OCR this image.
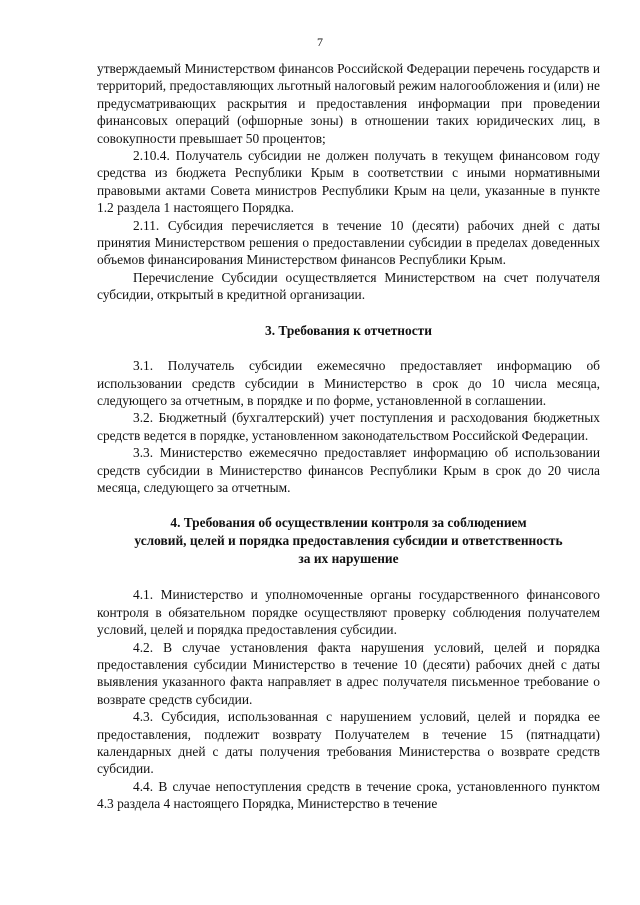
7

утверждаемый Министерством финансов Российской Федерации перечень государств и территорий, предоставляющих льготный налоговый режим налогообложения и (или) не предусматривающих раскрытия и предоставления информации при проведении финансовых операций (офшорные зоны) в отношении таких юридических лиц, в совокупности превышает 50 процентов;

2.10.4. Получатель субсидии не должен получать в текущем финансовом году средства из бюджета Республики Крым в соответствии с иными нормативными правовыми актами Совета министров Республики Крым на цели, указанные в пункте 1.2 раздела 1 настоящего Порядка.

2.11. Субсидия перечисляется в течение 10 (десяти) рабочих дней с даты принятия Министерством решения о предоставлении субсидии в пределах доведенных объемов финансирования Министерством финансов Республики Крым.

Перечисление Субсидии осуществляется Министерством на счет получателя субсидии, открытый в кредитной организации.

3. Требования к отчетности

3.1. Получатель субсидии ежемесячно предоставляет информацию об использовании средств субсидии в Министерство в срок до 10 числа месяца, следующего за отчетным, в порядке и по форме, установленной в соглашении.

3.2. Бюджетный (бухгалтерский) учет поступления и расходования бюджетных средств ведется в порядке, установленном законодательством Российской Федерации.

3.3. Министерство ежемесячно предоставляет информацию об использовании средств субсидии в Министерство финансов Республики Крым в срок до 20 числа месяца, следующего за отчетным.

4. Требования об осуществлении контроля за соблюдением
условий, целей и порядка предоставления субсидии и ответственность
за их нарушение

4.1. Министерство и уполномоченные органы государственного финансового контроля в обязательном порядке осуществляют проверку соблюдения получателем условий, целей и порядка предоставления субсидии.

4.2. В случае установления факта нарушения условий, целей и порядка предоставления субсидии Министерство в течение 10 (десяти) рабочих дней с даты выявления указанного факта направляет в адрес получателя письменное требование о возврате средств субсидии.

4.3. Субсидия, использованная с нарушением условий, целей и порядка ее предоставления, подлежит возврату Получателем в течение 15 (пятнадцати) календарных дней с даты получения требования Министерства о возврате средств субсидии.

4.4. В случае непоступления средств в течение срока, установленного пунктом 4.3 раздела 4 настоящего Порядка, Министерство в течение
